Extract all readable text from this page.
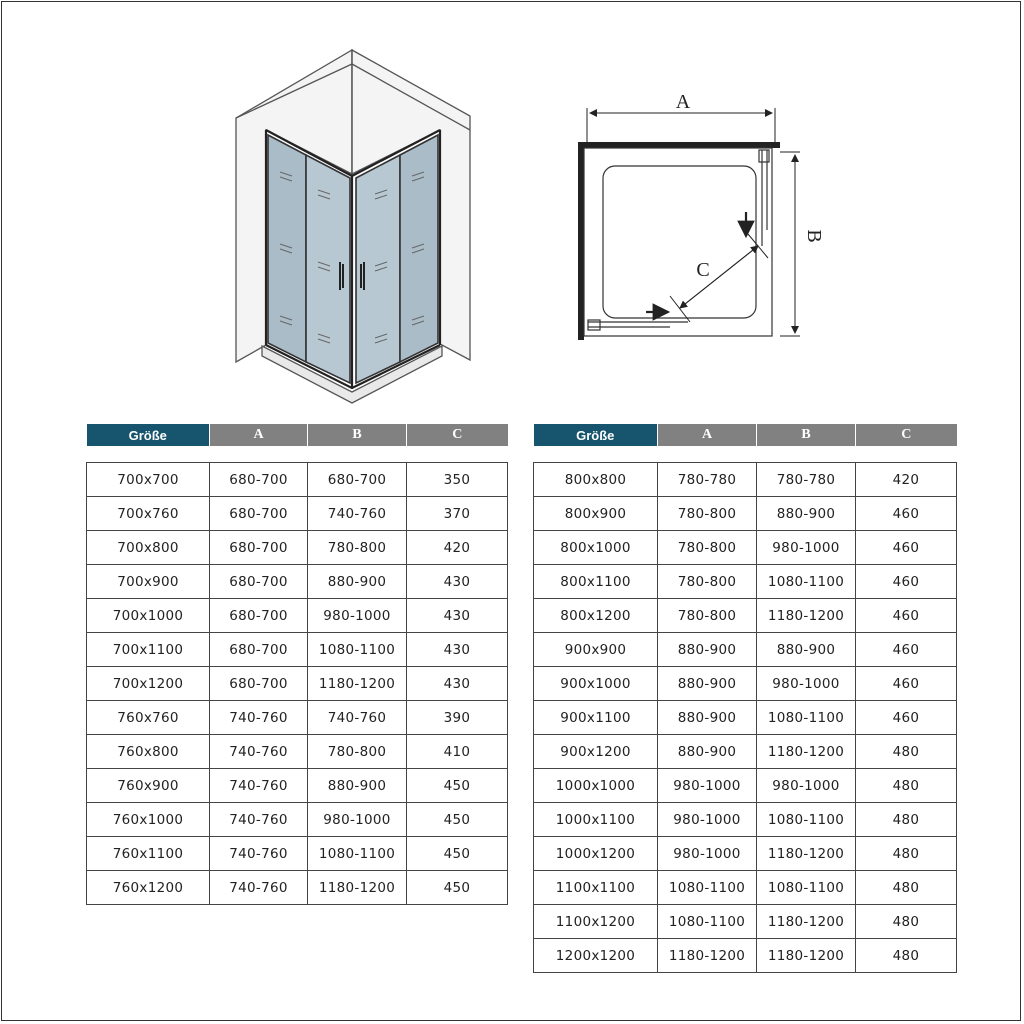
A
C
B
Größe	A	B	C

700x700	680-700	680-700	350
700x760	680-700	740-760	370
700x800	680-700	780-800	420
700x900	680-700	880-900	430
700x1000	680-700	980-1000	430
700x1100	680-700	1080-1100	430
700x1200	680-700	1180-1200	430
760x760	740-760	740-760	390
760x800	740-760	780-800	410
760x900	740-760	880-900	450
760x1000	740-760	980-1000	450
760x1100	740-760	1080-1100	450
760x1200	740-760	1180-1200	450
Größe	A	B	C

800x800	780-780	780-780	420
800x900	780-800	880-900	460
800x1000	780-800	980-1000	460
800x1100	780-800	1080-1100	460
800x1200	780-800	1180-1200	460
900x900	880-900	880-900	460
900x1000	880-900	980-1000	460
900x1100	880-900	1080-1100	460
900x1200	880-900	1180-1200	480
1000x1000	980-1000	980-1000	480
1000x1100	980-1000	1080-1100	480
1000x1200	980-1000	1180-1200	480
1100x1100	1080-1100	1080-1100	480
1100x1200	1080-1100	1180-1200	480
1200x1200	1180-1200	1180-1200	480
